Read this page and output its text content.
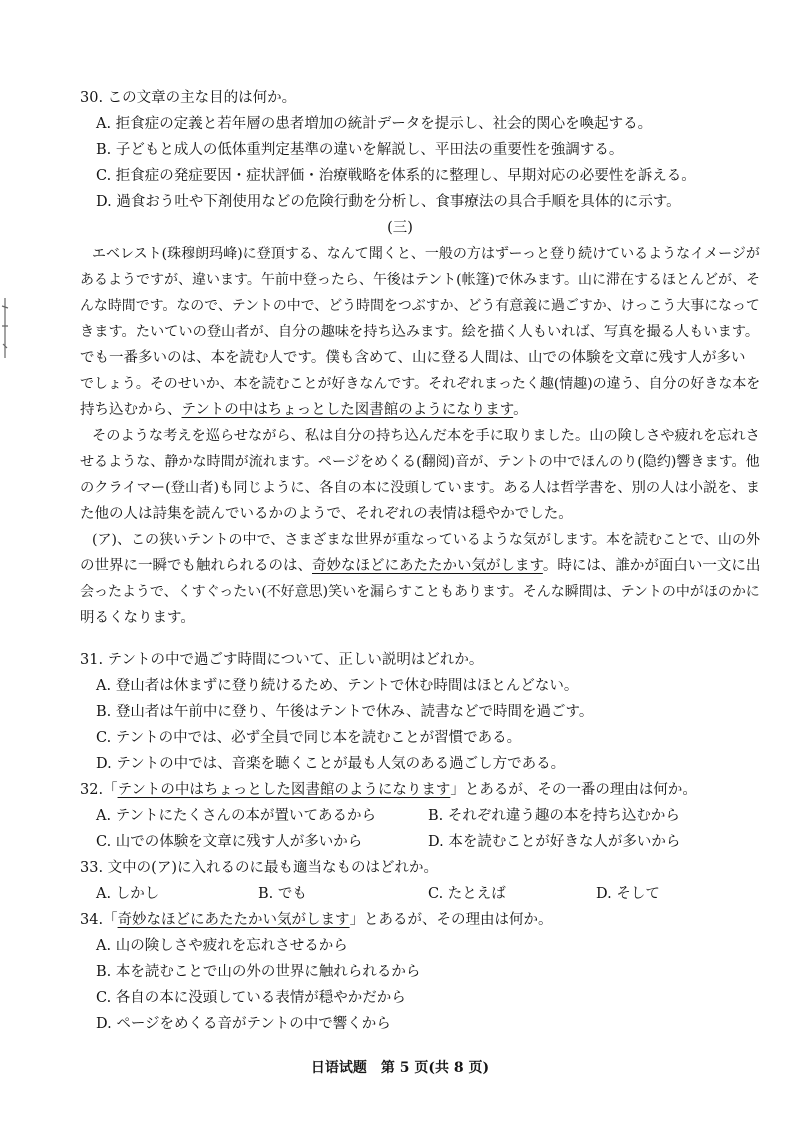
30. この文章の主な目的は何か。
A. 拒食症の定義と若年層の患者増加の統計データを提示し、社会的関心を喚起する。
B. 子どもと成人の低体重判定基準の違いを解説し、平田法の重要性を強調する。
C. 拒食症の発症要因・症状評価・治療戦略を体系的に整理し、早期対応の必要性を訴える。
D. 過食おう吐や下剤使用などの危険行動を分析し、食事療法の具合手順を具体的に示す。
(三)
エベレスト(珠穆朗玛峰)に登頂する、なんて聞くと、一般の方はずーっと登り続けているようなイメージが
あるようですが、違います。午前中登ったら、午後はテント(帐篷)で休みます。山に滞在するほとんどが、そ
んな時間です。なので、テントの中で、どう時間をつぶすか、どう有意義に過ごすか、けっこう大事になって
きます。たいていの登山者が、自分の趣味を持ち込みます。絵を描く人もいれば、写真を撮る人もいます。
でも一番多いのは、本を読む人です。僕も含めて、山に登る人間は、山での体験を文章に残す人が多い
でしょう。そのせいか、本を読むことが好きなんです。それぞれまったく趣(情趣)の違う、自分の好きな本を
持ち込むから、テントの中はちょっとした図書館のようになります。
そのような考えを巡らせながら、私は自分の持ち込んだ本を手に取りました。山の険しさや疲れを忘れさ
せるような、静かな時間が流れます。ページをめくる(翻阅)音が、テントの中でほんのり(隐约)響きます。他
のクライマー(登山者)も同じように、各自の本に没頭しています。ある人は哲学書を、別の人は小説を、ま
た他の人は詩集を読んでいるかのようで、それぞれの表情は穏やかでした。
(ア)、この狭いテントの中で、さまざまな世界が重なっているような気がします。本を読むことで、山の外
の世界に一瞬でも触れられるのは、奇妙なほどにあたたかい気がします。時には、誰かが面白い一文に出
会ったようで、くすぐったい(不好意思)笑いを漏らすこともあります。そんな瞬間は、テントの中がほのかに
明るくなります。
31. テントの中で過ごす時間について、正しい説明はどれか。
A. 登山者は休まずに登り続けるため、テントで休む時間はほとんどない。
B. 登山者は午前中に登り、午後はテントで休み、読書などで時間を過ごす。
C. テントの中では、必ず全員で同じ本を読むことが習慣である。
D. テントの中では、音楽を聴くことが最も人気のある過ごし方である。
32.「テントの中はちょっとした図書館のようになります」とあるが、その一番の理由は何か。
A. テントにたくさんの本が置いてあるから	B. それぞれ違う趣の本を持ち込むから
C. 山での体験を文章に残す人が多いから	D. 本を読むことが好きな人が多いから
33. 文中の(ア)に入れるのに最も適当なものはどれか。
A. しかし	B. でも	C. たとえば	D. そして
34.「奇妙なほどにあたたかい気がします」とあるが、その理由は何か。
A. 山の険しさや疲れを忘れさせるから
B. 本を読むことで山の外の世界に触れられるから
C. 各自の本に没頭している表情が穏やかだから
D. ページをめくる音がテントの中で響くから
日语试题　第 5 页(共 8 页)
